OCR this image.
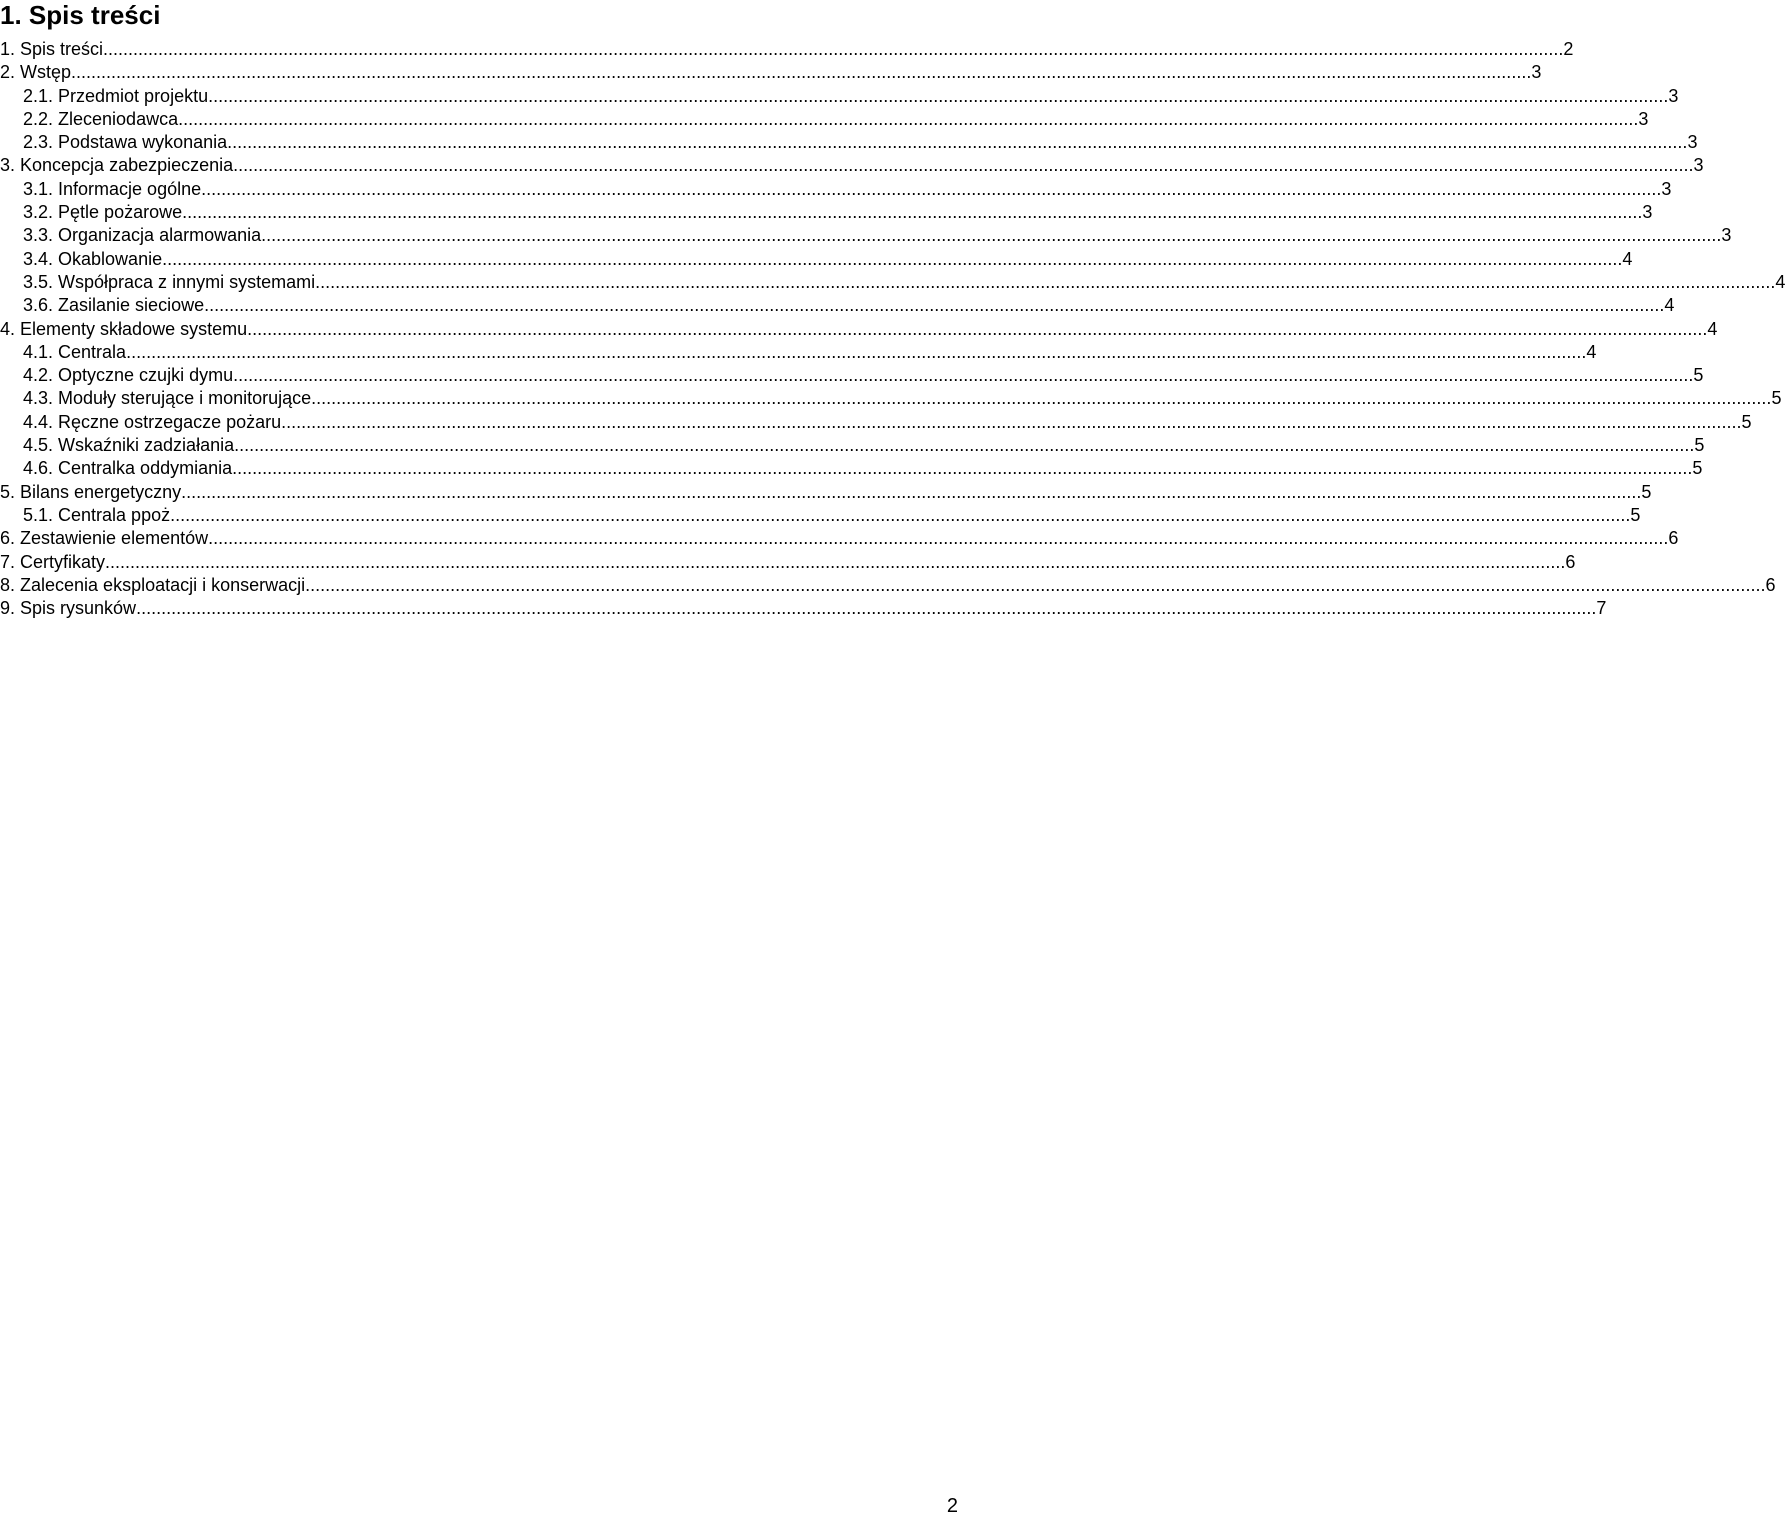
1. Spis treści
1. Spis treści .....	2
2. Wstęp .....	3
2.1. Przedmiot projektu .....	3
2.2. Zleceniodawca .....	3
2.3. Podstawa wykonania .....	3
3. Koncepcja zabezpieczenia .....	3
3.1. Informacje ogólne .....	3
3.2. Pętle pożarowe .....	3
3.3. Organizacja alarmowania .....	3
3.4. Okablowanie .....	4
3.5. Współpraca z innymi systemami .....	4
3.6. Zasilanie sieciowe .....	4
4. Elementy składowe systemu .....	4
4.1. Centrala .....	4
4.2. Optyczne czujki dymu .....	5
4.3. Moduły sterujące i monitorujące .....	5
4.4. Ręczne ostrzegacze pożaru .....	5
4.5. Wskaźniki zadziałania .....	5
4.6. Centralka oddymiania .....	5
5. Bilans energetyczny .....	5
5.1. Centrala ppoż .....	5
6. Zestawienie elementów .....	6
7. Certyfikaty .....	6
8. Zalecenia eksploatacji i konserwacji .....	6
9. Spis rysunków .....	7
2
